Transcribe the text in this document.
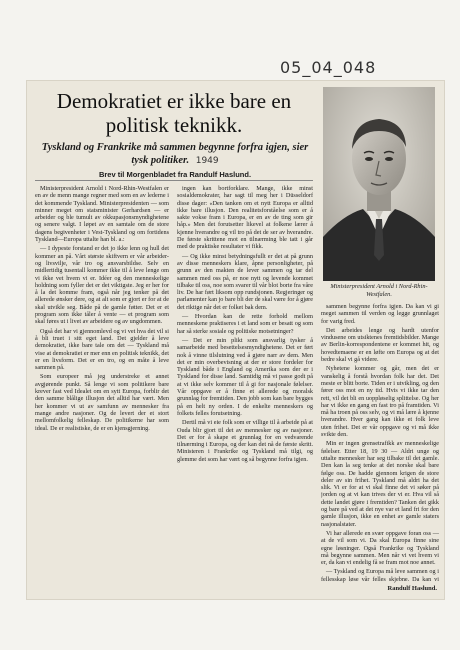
05_04_048
Demokratiet er ikke bare en politisk teknikk.
Tyskland og Frankrike må sammen begynne forfra igjen, sier tysk politiker. 1949
Brev til Morgenbladet fra Randulf Haslund.
Ministerpresident Arnold i Nord-Rhin-Westfalen.

Ministerpresident Arnold i Nord-Rhin-Westfalen er en av de menn mange regner med som en av lederne i det kommende Tyskland. Ministerpresidenten — som minner meget om statsminister Gerhardsen — er arbeider og ble tumult av okkupasjonsmyndighetene og senere valgt. I løpet av en samtale om de store dagens begivenheter i Vest-Tyskland og om fortidens Tyskland—Europa uttalte han bl. a.:

— I dypeste forstand er det jo ikke lenn og hull det kommer an på. Vårt største skiftvern er vår arbeider- og livsvilje, vår tro og ansvarsbildse. Selv en midlertidig tusentall kommer ikke til å leve lenge om vi ikke vet hvem vi er. Idéer og den menneskelige holdning som fyller det er det viktigste. Jeg er her for å la det komme fram, også når jeg tenker på det allerede ønsker dere, og at alt som er gjort er for at de skal utvikle seg. Både på de gamle føtter. Det er et program som ikke tåler å vente — et program som skal føres ut i livet av arbeidere og av ungdommen.

Også det har vi gjennomlevd og vi vet hva det vil si å bli truet i sitt eget land. Det gjelder å leve demokratiet, ikke bare tale om det — Tyskland må vise at demokratiet er mer enn en politisk teknikk, det er en livsform. Det er en tro, og en måte å leve sammen på.

Som europeer må jeg understreke et annet avgjørende punkt. Så lenge vi som politikere bare krever fast ved Idealet om en sytt Europa, forblir det den samme blålige illusjon det alltid har vært. Men her kommer vi ut av samfunn av mennesker fra mange andre nasjoner. Og de levert der et stort mellomfolkelig felleskap. De politikerne har som ideal. De er realistiske, de er en kjensgjerning.

ingen kan bortforklare. Mange, ikke minst sosialdemokrater, har sagt til meg her i Düsseldorf disse dager: «Den tanken om et nytt Europa er alltid ikke bare illusjon. Den realitetsforståelse som er å sakte vokse fram i Europa, er en av de ting som gir håp.» Men det forutsetter likevel at folkene lærer å kjenne hverandre og vil tro på det de ser av hverandre. De første skrittene mot en tilnærming ble tatt i går med de praktiske resultater vi fikk.

— Og ikke minst betydningsfullt er det at på grunn av disse menneskers klare, åpne personligheter, på grunn av den makten de lever sammen og tar del sammen med oss på, er noe nytt og levende kommet tilbake til oss, noe som svarer til vår blot borte fra våre liv. De har ført liksom opp rundsjonen. Regjeringer og parlamenter kan jo bare bli der de skal være for å gjøre det riktige når det er folket bak dem.

— Hvordan kan de rette forhold mellom menneskene praktiseres i et land som er besatt og som har så sterke sosiale og politiske motsetninger?

— Det er min plikt som ansvarlig tysker å samarbeide med besettelsesmyndighetene. Det er ført nok å vinne tilslutning ved å gjøre narr av dem. Men det er min overbevisning at der er store fordeler for Tyskland både i England og Amerika som der er i Tyskland for disse land. Samtidig må vi passe godt på at vi ikke selv kommer til å gi for nasjonale følelser. Vår oppgave er å finne et allerede og moralsk grunnlag for fremtiden. Den jobb som kan bare bygges på en helt ny orden. I de enkelte menneskers og folkets felles forutsetning.

Dertil må vi eie folk som er villige til å arbeide på at Ouda blir gjort til det av mennesker og av nasjoner. Det er for å skape et grunnlag for en vedvarende tilnærming i Europa, og der kan det nå de første skritt. Ministeren i Frankrike og Tyskland må tilgi, og glemme det som har vært og så begynne forfra igjen.

sammen begynne forfra igjen. Da kan vi gi meget sammen til verden og legge grunnlaget for varig fred.

Det arbeides lenge og hardt utenfor vindusene om utsiktenes fremtidsbilder. Mange av Berlin-korrespondentene er kommet hit, og hovedtemaene er en løfte om Europa og at det bedre skal vi gå videre.

Nyhetene kommer og går, men det er vanskelig å forstå hvordan folk har det. Det meste er blitt borte. Tiden er i utvikling, og den fører oss mot en ny tid. Hvis vi ikke tar den rett, vil det bli en uoppløselig splittelse. Og her har vi ikke en gang en fast tro på framtiden. Vi må ha troen på oss selv, og vi må lære å kjenne hverandre. Hver gang kan ikke et folk leve uten frihet. Det er vår oppgave og vi må ikke svikte den.

Min er ingen grensetrafikk av menneskelige følelser. Etter 18, 19 30 — Aldri unge og uttalte mennesker har seg tilbake til det gamle. Den kan la seg tenke at det norske skal bare følge oss. De hadde gjennom krigen de store deler av sin frihet. Tyskland må aldri ha det slik. Vi er for at vi skal finne det vi søker på jorden og at vi kan trives der vi er. Hva vil så dette landet gjøre i fremtiden? Tanken det gikk og bare på ved at det nye var et land fri for den gamle illusjon, ikke en enhet av gamle staters nasjonalstater.

Vi har allerede en svær oppgave foran oss — at de vil som vi. Da skal Europa finne sine egne løsninger. Også Frankrike og Tyskland må begynne sammen. Men når vi vet hvem vi er, da kan vi endelig få se fram mot noe annet.

— Tyskland og Europa må leve sammen og i fellesskap løse vår felles skjebne. Da kan vi

Randulf Haslund.
